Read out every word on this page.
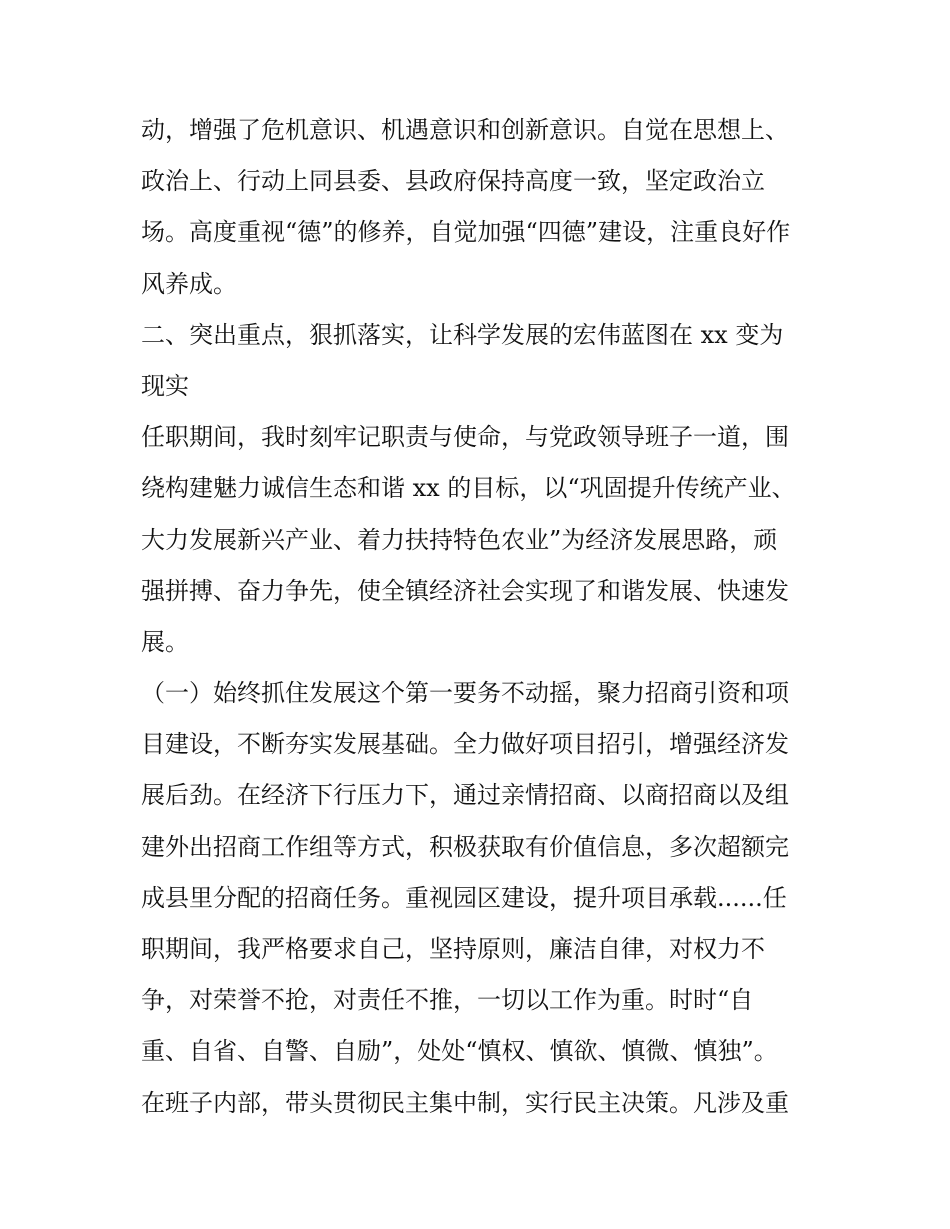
动，增强了危机意识、机遇意识和创新意识。自觉在思想上、
政治上、行动上同县委、县政府保持高度一致，坚定政治立
场。高度重视“德”的修养，自觉加强“四德”建设，注重良好作
风养成。
二、突出重点，狠抓落实，让科学发展的宏伟蓝图在 xx 变为
现实
任职期间，我时刻牢记职责与使命，与党政领导班子一道，围
绕构建魅力诚信生态和谐 xx 的目标，以“巩固提升传统产业、
大力发展新兴产业、着力扶持特色农业”为经济发展思路，顽
强拼搏、奋力争先，使全镇经济社会实现了和谐发展、快速发
展。
（一）始终抓住发展这个第一要务不动摇，聚力招商引资和项
目建设，不断夯实发展基础。全力做好项目招引，增强经济发
展后劲。在经济下行压力下，通过亲情招商、以商招商以及组
建外出招商工作组等方式，积极获取有价值信息，多次超额完
成县里分配的招商任务。重视园区建设，提升项目承载......任
职期间，我严格要求自己，坚持原则，廉洁自律，对权力不
争，对荣誉不抢，对责任不推，一切以工作为重。时时“自
重、自省、自警、自励”，处处“慎权、慎欲、慎微、慎独”。
在班子内部，带头贯彻民主集中制，实行民主决策。凡涉及重
